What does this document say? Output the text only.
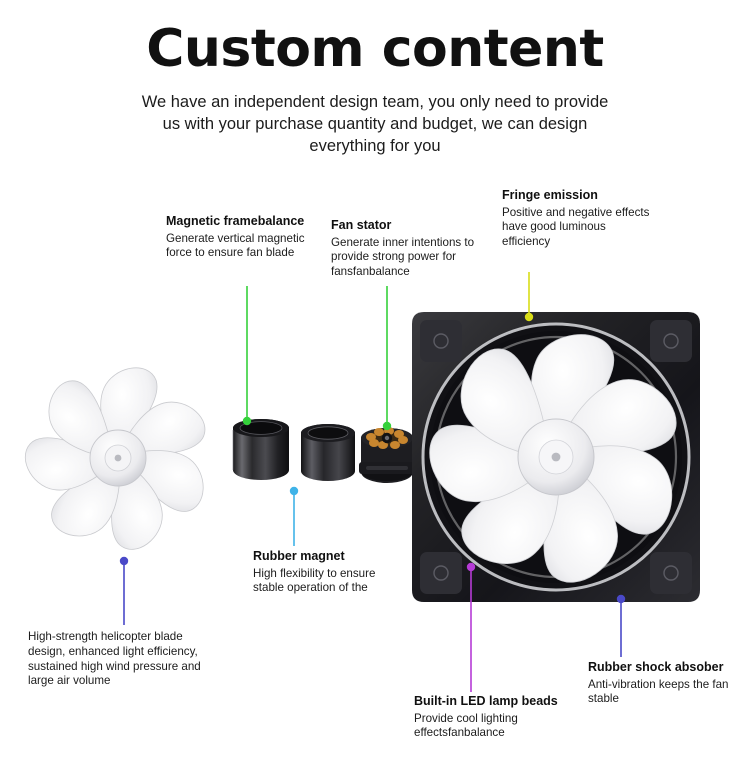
Custom content

We have an independent design team, you only need to provide us with your purchase quantity and budget, we can design everything for you

Magnetic framebalance
Generate vertical magnetic force to ensure fan blade
Fan stator
Generate inner intentions to provide strong power for fansfanbalance
Fringe emission
Positive and negative effects have good luminous efficiency
Rubber magnet
High flexibility to ensure stable operation of the
High-strength helicopter blade design, enhanced light efficiency, sustained high wind pressure and large air volume
Built-in LED lamp beads
Provide cool lighting effectsfanbalance
Rubber shock absober
Anti-vibration keeps the fan stable
